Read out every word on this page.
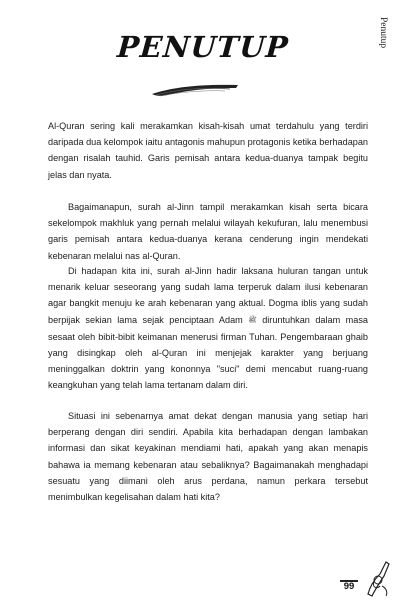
PENUTUP	Penutup

Al-Quran sering kali merakamkan kisah-kisah umat terdahulu yang terdiri daripada dua kelompok iaitu antagonis mahupun protagonis ketika berhadapan dengan risalah tauhid. Garis pemisah antara kedua-duanya tampak begitu jelas dan nyata.

Bagaimanapun, surah al-Jinn tampil merakamkan kisah serta bicara sekelompok makhluk yang pernah melalui wilayah kekufuran, lalu menembusi garis pemisah antara kedua-duanya kerana cenderung ingin mendekati kebenaran melalui nas al-Quran.

Di hadapan kita ini, surah al-Jinn hadir laksana huluran tangan untuk menarik keluar seseorang yang sudah lama terperuk dalam ilusi kebenaran agar bangkit menuju ke arah kebenaran yang aktual. Dogma iblis yang sudah berpijak sekian lama sejak penciptaan Adam ﷺ diruntuhkan dalam masa sesaat oleh bibit-bibit keimanan menerusi firman Tuhan. Pengembaraan ghaib yang disingkap oleh al-Quran ini menjejak karakter yang berjuang meninggalkan doktrin yang kononnya "suci" demi mencabut ruang-ruang keangkuhan yang telah lama tertanam dalam diri.

Situasi ini sebenarnya amat dekat dengan manusia yang setiap hari berperang dengan diri sendiri. Apabila kita berhadapan dengan lambakan informasi dan sikat keyakinan mendiami hati, apakah yang akan menapis bahawa ia memang kebenaran atau sebaliknya? Bagaimanakah menghadapi sesuatu yang diimani oleh arus perdana, namun perkara tersebut menimbulkan kegelisahan dalam hati kita?

99
